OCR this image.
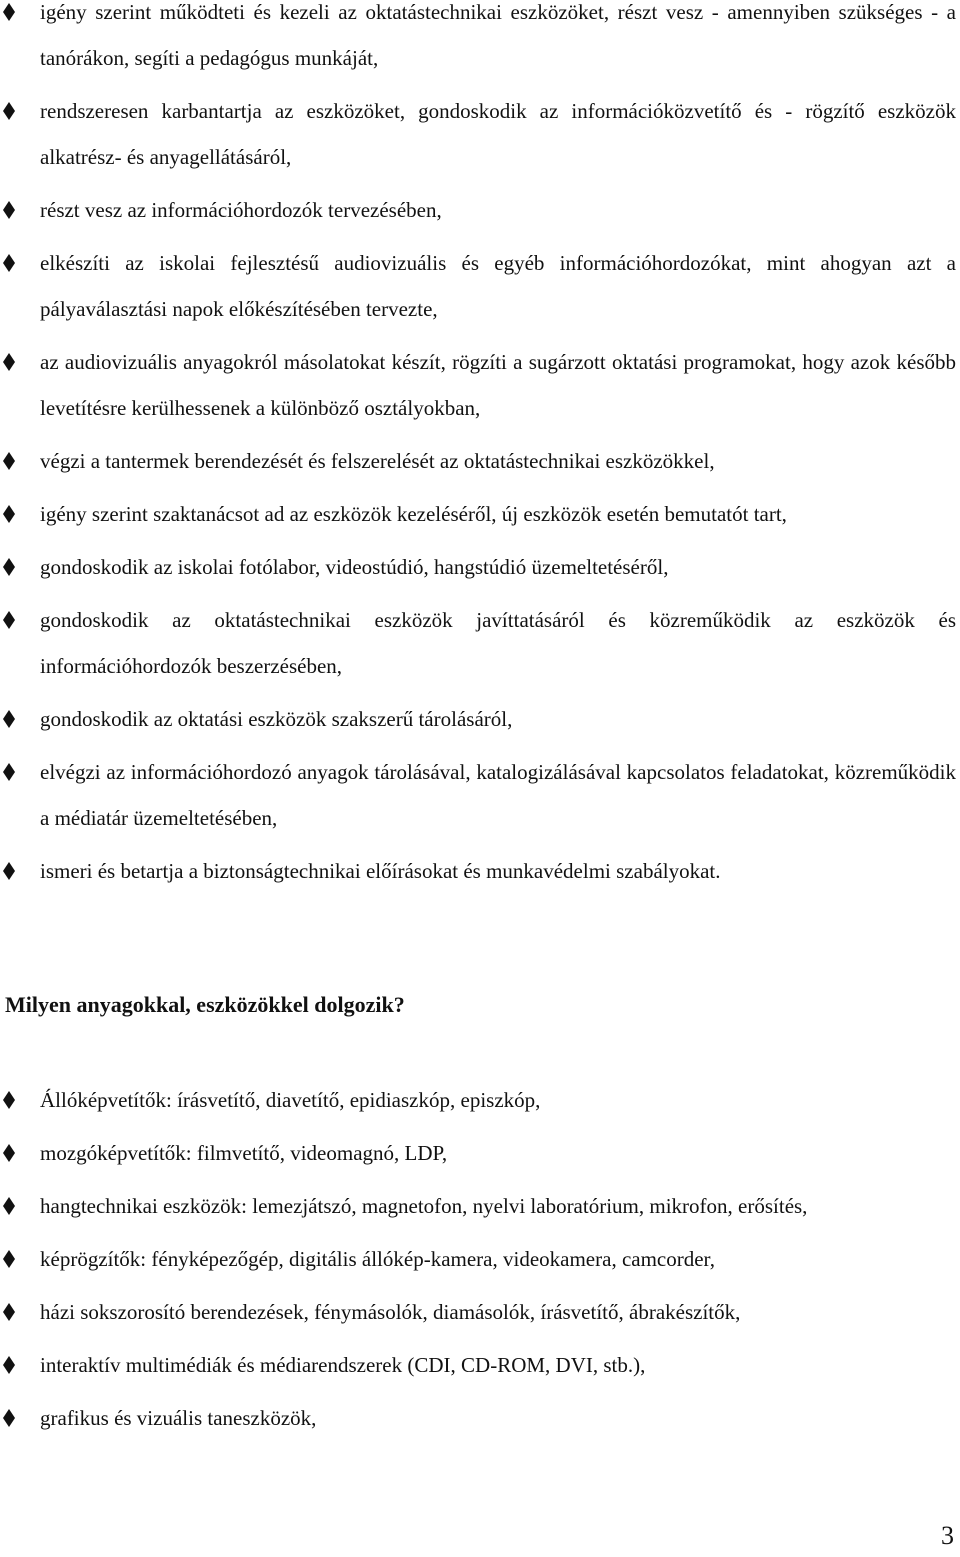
igény szerint működteti és kezeli az oktatástechnikai eszközöket, részt vesz - amennyiben szükséges - a tanórákon, segíti a pedagógus munkáját,
rendszeresen karbantartja az eszközöket, gondoskodik az információközvetítő és - rögzítő eszközök alkatrész- és anyagellátásáról,
részt vesz az információhordozók tervezésében,
elkészíti az iskolai fejlesztésű audiovizuális és egyéb információhordozókat, mint ahogyan azt a pályaválasztási napok előkészítésében tervezte,
az audiovizuális anyagokról másolatokat készít, rögzíti a sugárzott oktatási programokat, hogy azok később levetítésre kerülhessenek a különböző osztályokban,
végzi a tantermek berendezését és felszerelését az oktatástechnikai eszközökkel,
igény szerint szaktanácsot ad az eszközök kezeléséről, új eszközök esetén bemutatót tart,
gondoskodik az iskolai fotólabor, videostúdió, hangstúdió üzemeltetéséről,
gondoskodik az oktatástechnikai eszközök javíttatásáról és közreműködik az eszközök és információhordozók beszerzésében,
gondoskodik az oktatási eszközök szakszerű tárolásáról,
elvégzi az információhordozó anyagok tárolásával, katalogizálásával kapcsolatos feladatokat, közreműködik a médiatár üzemeltetésében,
ismeri és betartja a biztonságtechnikai előírásokat és munkavédelmi szabályokat.
Milyen anyagokkal, eszközökkel dolgozik?
Állóképvetítők: írásvetítő, diavetítő, epidiaszkóp, episzkóp,
mozgóképvetítők: filmvetítő, videomagnó, LDP,
hangtechnikai eszközök: lemezjátszó, magnetofon, nyelvi laboratórium, mikrofon, erősítés,
képrögzítők: fényképezőgép, digitális állókép-kamera, videokamera, camcorder,
házi sokszorosító berendezések, fénymásolók, diamásolók, írásvetítő, ábrakészítők,
interaktív multimédiák és médiarendszerek (CDI, CD-ROM, DVI, stb.),
grafikus és vizuális taneszközök,
3
